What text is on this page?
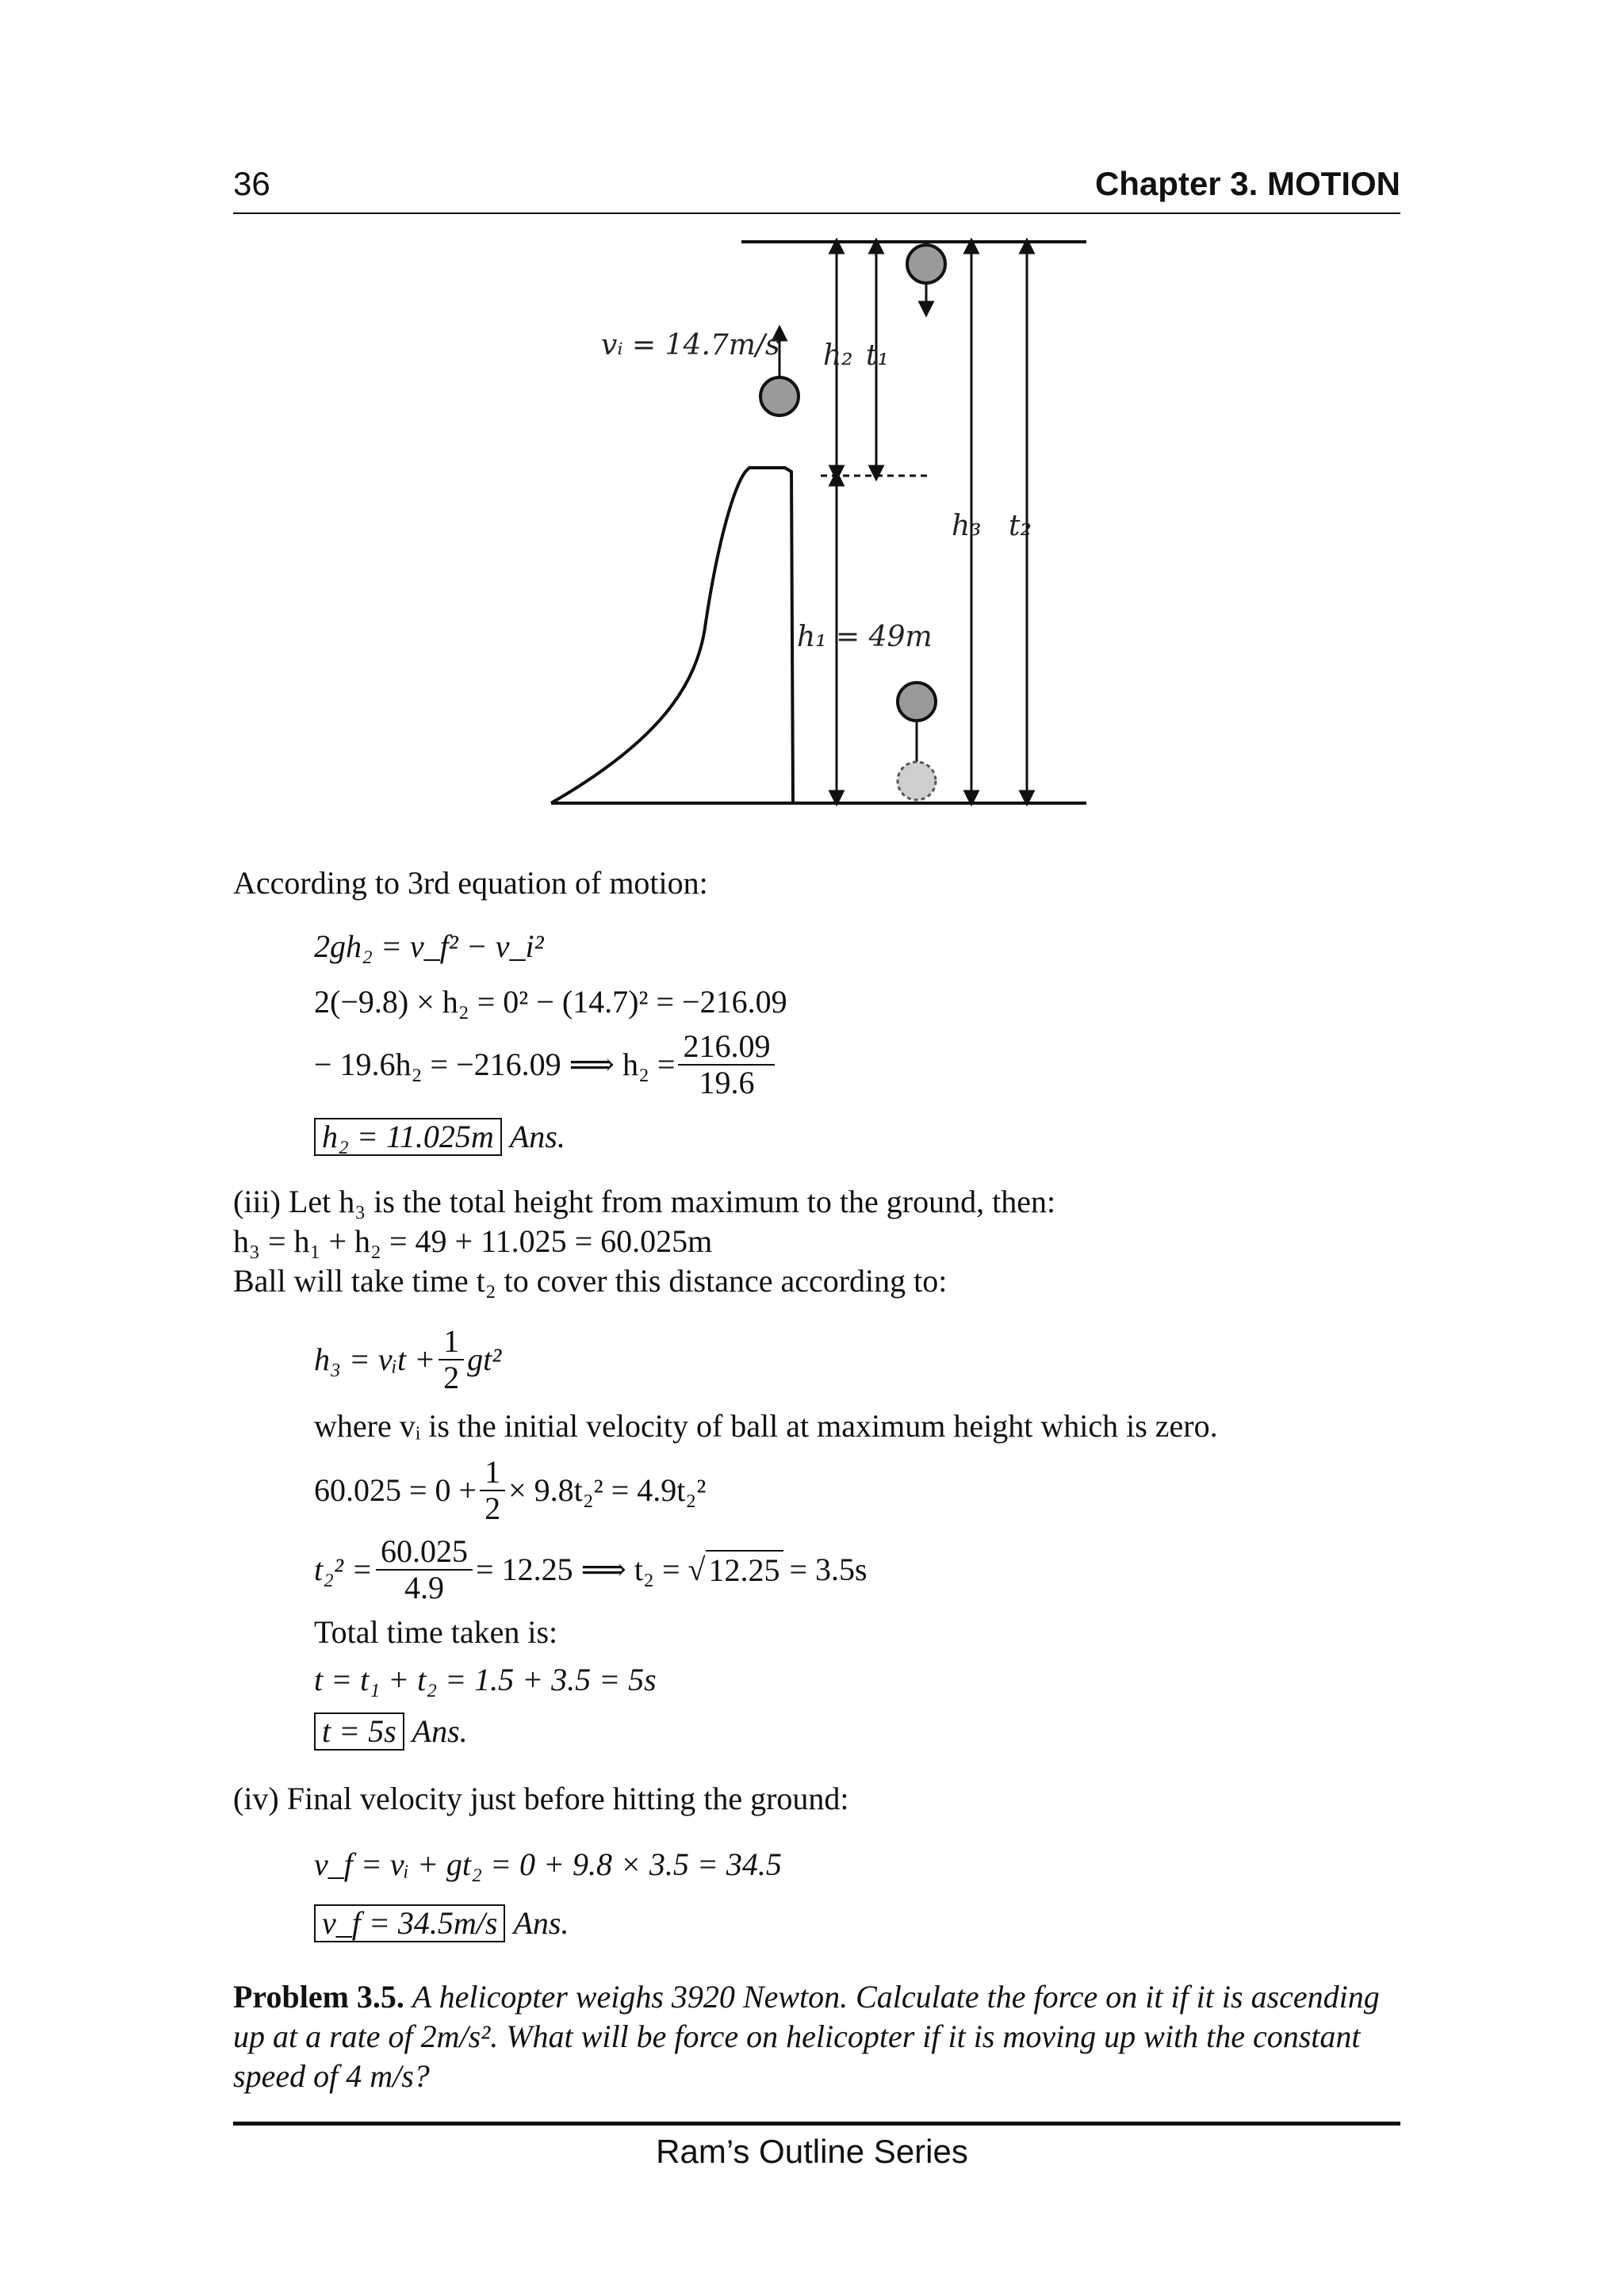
36	Chapter 3. MOTION
vᵢ = 14.7m/s h₂ t₁
h₃ t₂
h₁ = 49m
According to 3rd equation of motion:
2gh₂ = v_f² − v_i²
2(−9.8) × h₂ = 0² − (14.7)² = −216.09
− 19.6h₂ = −216.09 ⟹ $h_2 = \frac{216.09}{19.6}$
h₂ = 11.025m Ans.
(iii) Let h₃ is the total height from maximum to the ground, then:
h₃ = h₁ + h₂ = 49 + 11.025 = 60.025m
Ball will take time t₂ to cover this distance according to:
h₃ = vᵢt + $\frac{1}{2} gt^2$
where vᵢ is the initial velocity of ball at maximum height which is zero.
$60.025 = 0 + \frac{1}{2} \times 9.8t_2^2 = 4.9t_2^2$
$t_2^2 = \frac{60.025}{4.9} = 12.25$ ⟹ t₂ = √ 12.25 = 3.5s
Total time taken is:
t = t₁ + t₂ = 1.5 + 3.5 = 5s
t = 5s Ans.
(iv) Final velocity just before hitting the ground:
v_f = vᵢ + gt₂ = 0 + 9.8 × 3.5 = 34.5
v_f = 34.5m/s Ans.
Problem 3.5. A helicopter weighs 3920 Newton. Calculate the force on it if it is ascending
up at a rate of 2m/s². What will be force on helicopter if it is moving up with the constant
speed of 4 m/s?
Ram’s Outline Series
